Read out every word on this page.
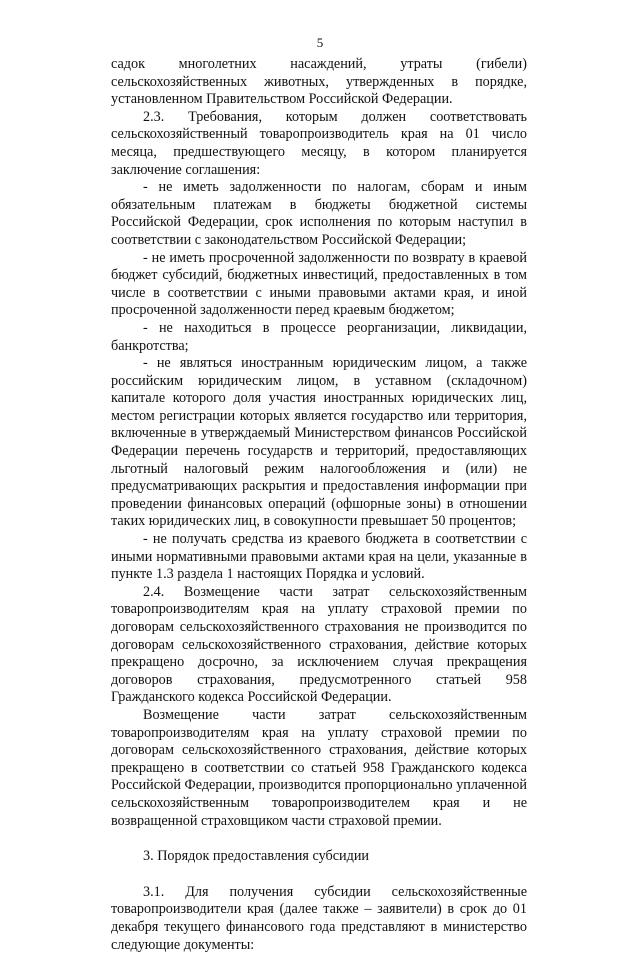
5

садок многолетних насаждений, утраты (гибели) сельскохозяйственных животных, утвержденных в порядке, установленном Правительством Российской Федерации.

2.3. Требования, которым должен соответствовать сельскохозяйственный товаропроизводитель края на 01 число месяца, предшествующего месяцу, в котором планируется заключение соглашения:

- не иметь задолженности по налогам, сборам и иным обязательным платежам в бюджеты бюджетной системы Российской Федерации, срок исполнения по которым наступил в соответствии с законодательством Российской Федерации;

- не иметь просроченной задолженности по возврату в краевой бюджет субсидий, бюджетных инвестиций, предоставленных в том числе в соответствии с иными правовыми актами края, и иной просроченной задолженности перед краевым бюджетом;

- не находиться в процессе реорганизации, ликвидации, банкротства;

- не являться иностранным юридическим лицом, а также российским юридическим лицом, в уставном (складочном) капитале которого доля участия иностранных юридических лиц, местом регистрации которых является государство или территория, включенные в утверждаемый Министерством финансов Российской Федерации перечень государств и территорий, предоставляющих льготный налоговый режим налогообложения и (или) не предусматривающих раскрытия и предоставления информации при проведении финансовых операций (офшорные зоны) в отношении таких юридических лиц, в совокупности превышает 50 процентов;

- не получать средства из краевого бюджета в соответствии с иными нормативными правовыми актами края на цели, указанные в пункте 1.3 раздела 1 настоящих Порядка и условий.

2.4. Возмещение части затрат сельскохозяйственным товаропроизводителям края на уплату страховой премии по договорам сельскохозяйственного страхования не производится по договорам сельскохозяйственного страхования, действие которых прекращено досрочно, за исключением случая прекращения договоров страхования, предусмотренного статьей 958 Гражданского кодекса Российской Федерации.

Возмещение части затрат сельскохозяйственным товаропроизводителям края на уплату страховой премии по договорам сельскохозяйственного страхования, действие которых прекращено в соответствии со статьей 958 Гражданского кодекса Российской Федерации, производится пропорционально уплаченной сельскохозяйственным товаропроизводителем края и не возвращенной страховщиком части страховой премии.

3. Порядок предоставления субсидии

3.1. Для получения субсидии сельскохозяйственные товаропроизводители края (далее также – заявители) в срок до 01 декабря текущего финансового года представляют в министерство следующие документы:
